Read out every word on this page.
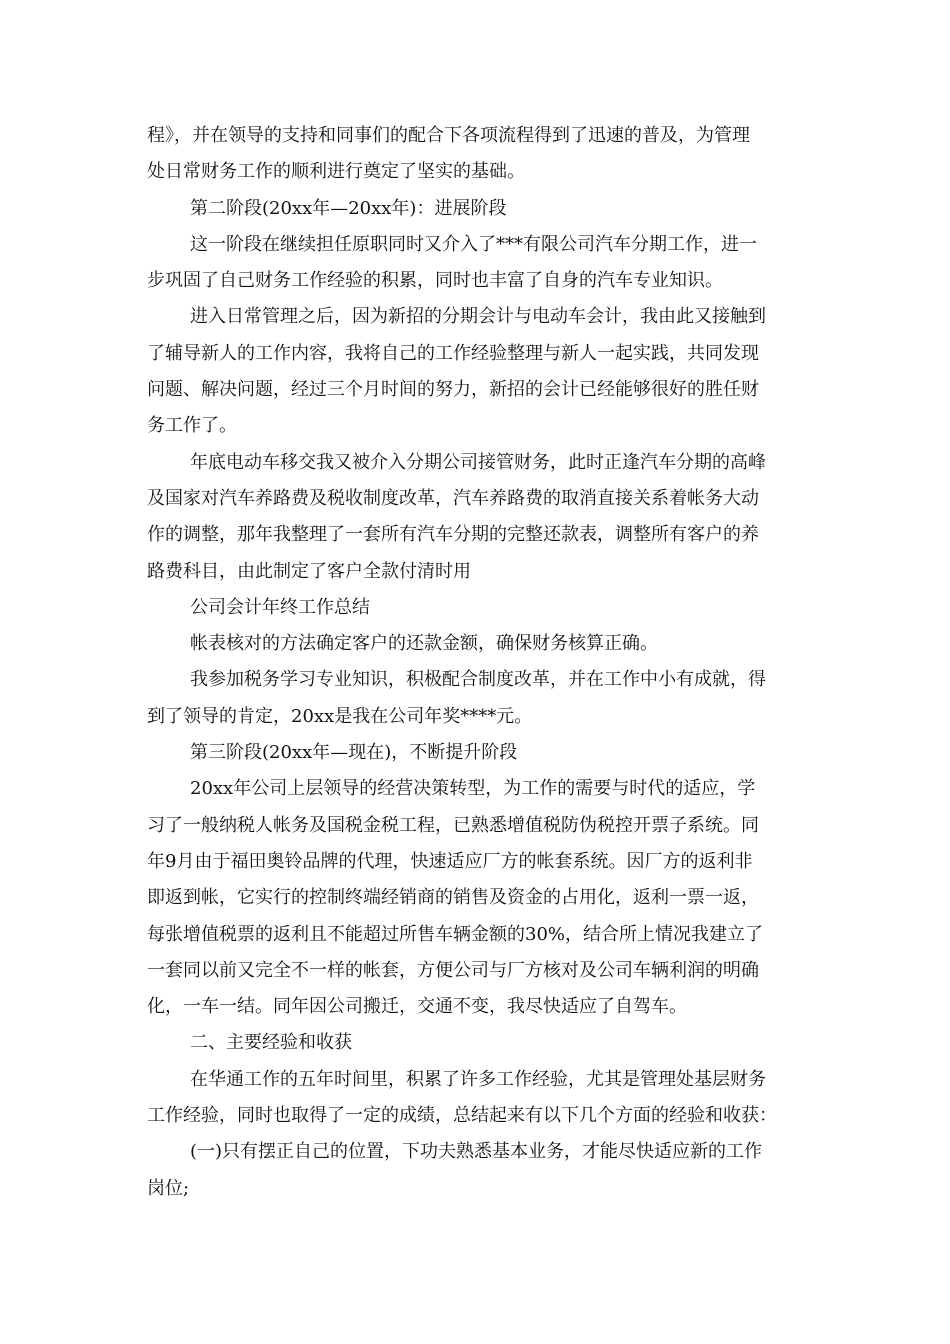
程》，并在领导的支持和同事们的配合下各项流程得到了迅速的普及，为管理
处日常财务工作的顺利进行奠定了坚实的基础。
第二阶段(20xx年—20xx年)：进展阶段
这一阶段在继续担任原职同时又介入了***有限公司汽车分期工作，进一
步巩固了自己财务工作经验的积累，同时也丰富了自身的汽车专业知识。
进入日常管理之后，因为新招的分期会计与电动车会计，我由此又接触到
了辅导新人的工作内容，我将自己的工作经验整理与新人一起实践，共同发现
问题、解决问题，经过三个月时间的努力，新招的会计已经能够很好的胜任财
务工作了。
年底电动车移交我又被介入分期公司接管财务，此时正逢汽车分期的高峰
及国家对汽车养路费及税收制度改革，汽车养路费的取消直接关系着帐务大动
作的调整，那年我整理了一套所有汽车分期的完整还款表，调整所有客户的养
路费科目，由此制定了客户全款付清时用
公司会计年终工作总结
帐表核对的方法确定客户的还款金额，确保财务核算正确。
我参加税务学习专业知识，积极配合制度改革，并在工作中小有成就，得
到了领导的肯定，20xx是我在公司年奖****元。
第三阶段(20xx年—现在)，不断提升阶段
20xx年公司上层领导的经营决策转型，为工作的需要与时代的适应，学
习了一般纳税人帐务及国税金税工程，已熟悉增值税防伪税控开票子系统。同
年9月由于福田奥铃品牌的代理，快速适应厂方的帐套系统。因厂方的返利非
即返到帐，它实行的控制终端经销商的销售及资金的占用化，返利一票一返，
每张增值税票的返利且不能超过所售车辆金额的30%，结合所上情况我建立了
一套同以前又完全不一样的帐套，方便公司与厂方核对及公司车辆利润的明确
化，一车一结。同年因公司搬迁，交通不变，我尽快适应了自驾车。
二、主要经验和收获
在华通工作的五年时间里，积累了许多工作经验，尤其是管理处基层财务
工作经验，同时也取得了一定的成绩，总结起来有以下几个方面的经验和收获：
(一)只有摆正自己的位置，下功夫熟悉基本业务，才能尽快适应新的工作
岗位;
